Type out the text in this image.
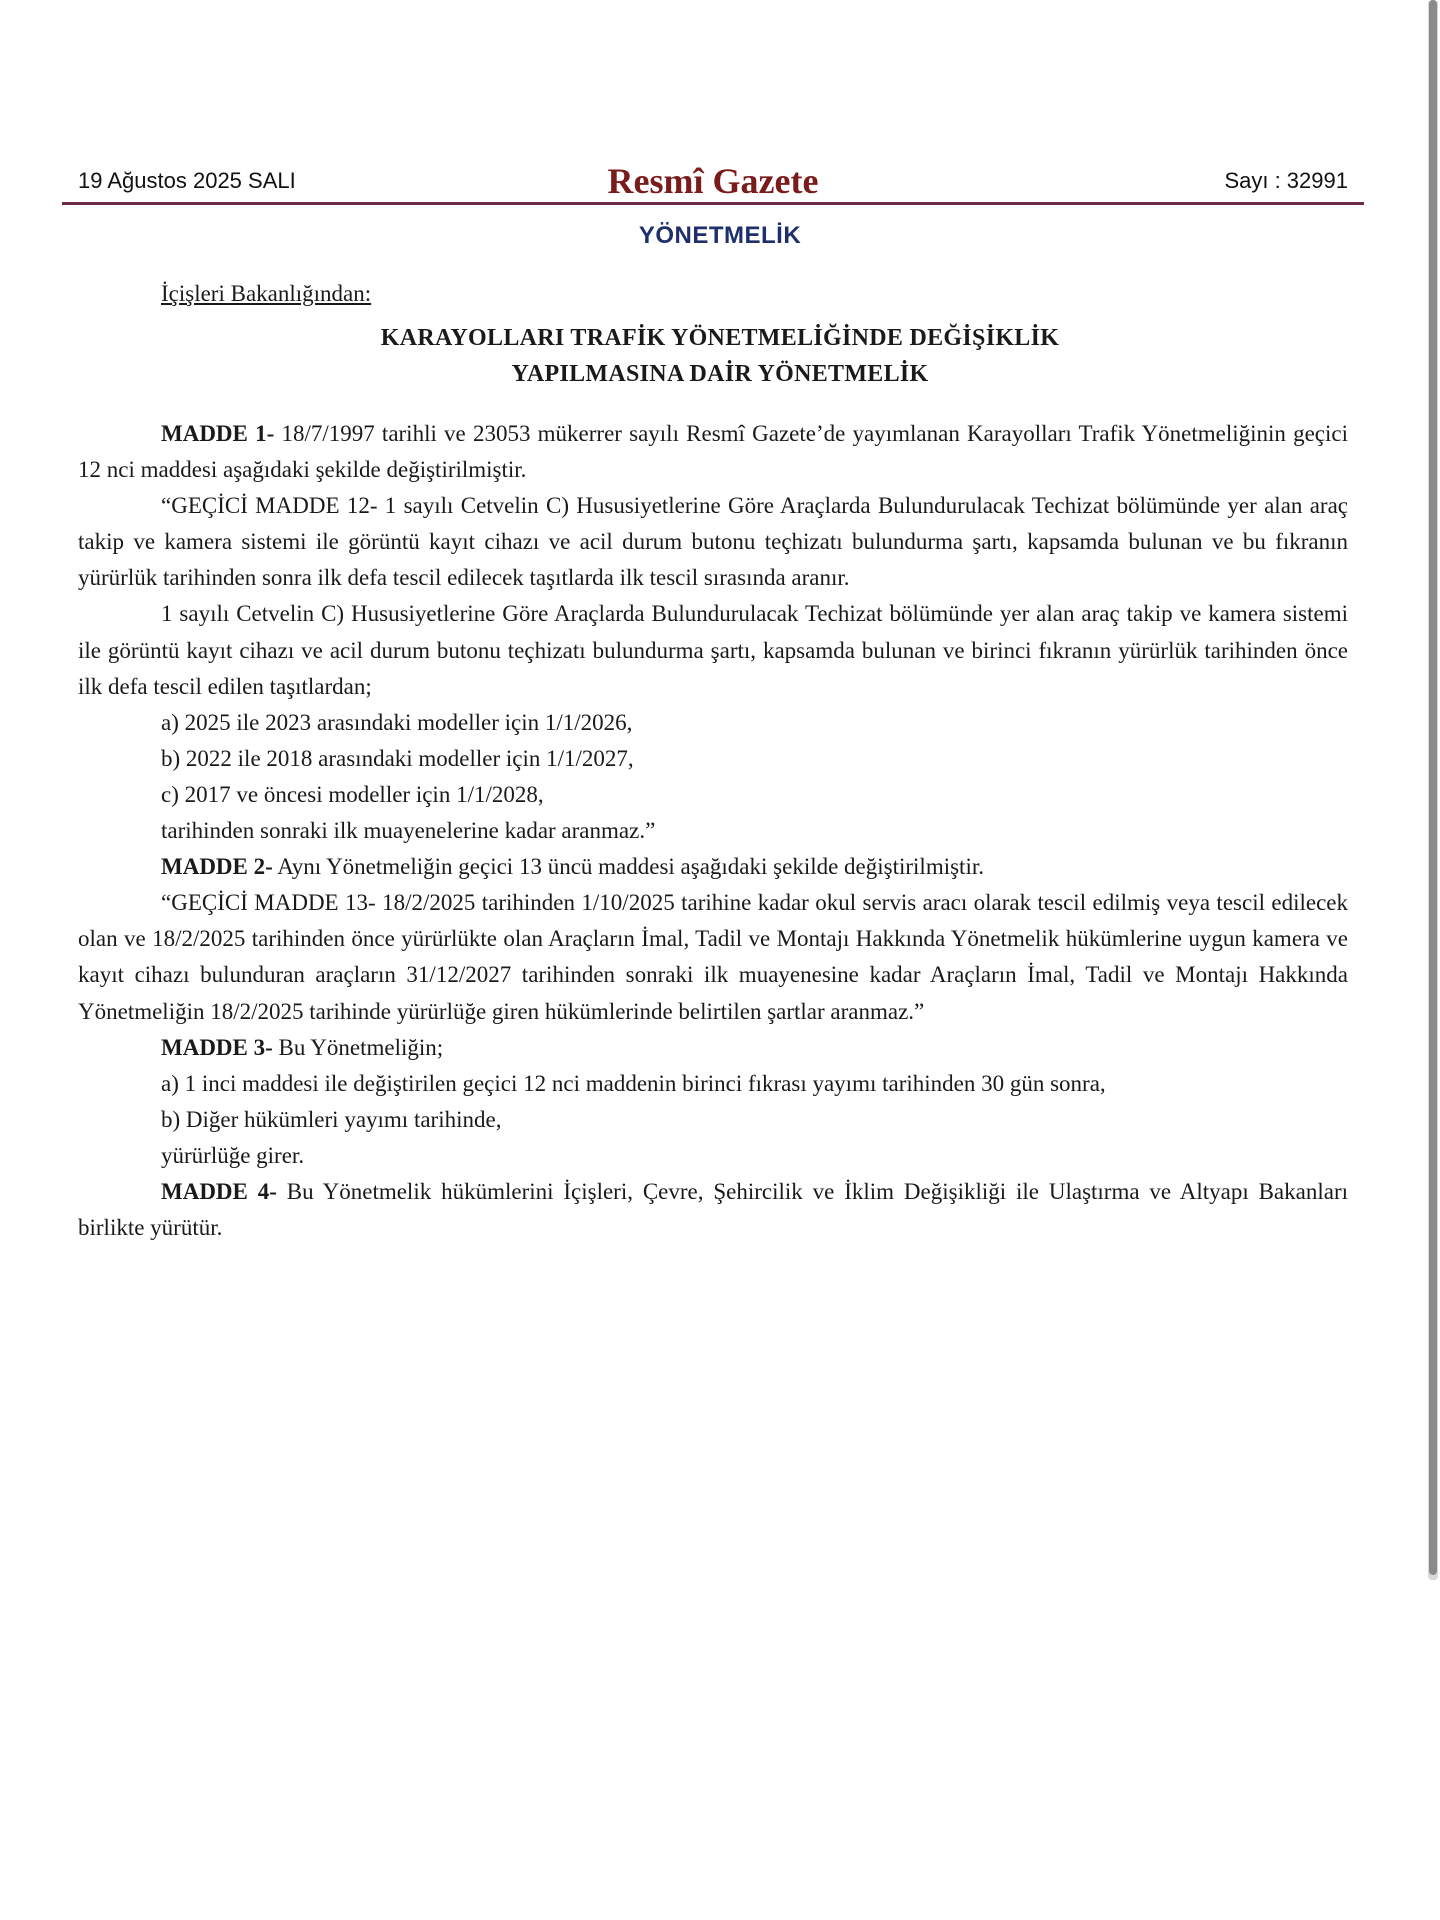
19 Ağustos 2025 SALI	Resmî Gazete	Sayı : 32991
YÖNETMELİK
İçişleri Bakanlığından:
KARAYOLLARI TRAFİK YÖNETMELİĞİNDE DEĞİŞİKLİK
YAPILMASINA DAİR YÖNETMELİK

MADDE 1- 18/7/1997 tarihli ve 23053 mükerrer sayılı Resmî Gazete’de yayımlanan Karayolları Trafik Yönetmeliğinin geçici 12 nci maddesi aşağıdaki şekilde değiştirilmiştir.

“GEÇİCİ MADDE 12- 1 sayılı Cetvelin C) Hususiyetlerine Göre Araçlarda Bulundurulacak Techizat bölümünde yer alan araç takip ve kamera sistemi ile görüntü kayıt cihazı ve acil durum butonu teçhizatı bulundurma şartı, kapsamda bulunan ve bu fıkranın yürürlük tarihinden sonra ilk defa tescil edilecek taşıtlarda ilk tescil sırasında aranır.

1 sayılı Cetvelin C) Hususiyetlerine Göre Araçlarda Bulundurulacak Techizat bölümünde yer alan araç takip ve kamera sistemi ile görüntü kayıt cihazı ve acil durum butonu teçhizatı bulundurma şartı, kapsamda bulunan ve birinci fıkranın yürürlük tarihinden önce ilk defa tescil edilen taşıtlardan;

a) 2025 ile 2023 arasındaki modeller için 1/1/2026,

b) 2022 ile 2018 arasındaki modeller için 1/1/2027,

c) 2017 ve öncesi modeller için 1/1/2028,

tarihinden sonraki ilk muayenelerine kadar aranmaz.”

MADDE 2- Aynı Yönetmeliğin geçici 13 üncü maddesi aşağıdaki şekilde değiştirilmiştir.

“GEÇİCİ MADDE 13- 18/2/2025 tarihinden 1/10/2025 tarihine kadar okul servis aracı olarak tescil edilmiş veya tescil edilecek olan ve 18/2/2025 tarihinden önce yürürlükte olan Araçların İmal, Tadil ve Montajı Hakkında Yönetmelik hükümlerine uygun kamera ve kayıt cihazı bulunduran araçların 31/12/2027 tarihinden sonraki ilk muayenesine kadar Araçların İmal, Tadil ve Montajı Hakkında Yönetmeliğin 18/2/2025 tarihinde yürürlüğe giren hükümlerinde belirtilen şartlar aranmaz.”

MADDE 3- Bu Yönetmeliğin;

a) 1 inci maddesi ile değiştirilen geçici 12 nci maddenin birinci fıkrası yayımı tarihinden 30 gün sonra,

b) Diğer hükümleri yayımı tarihinde,

yürürlüğe girer.

MADDE 4- Bu Yönetmelik hükümlerini İçişleri, Çevre, Şehircilik ve İklim Değişikliği ile Ulaştırma ve Altyapı Bakanları birlikte yürütür.
